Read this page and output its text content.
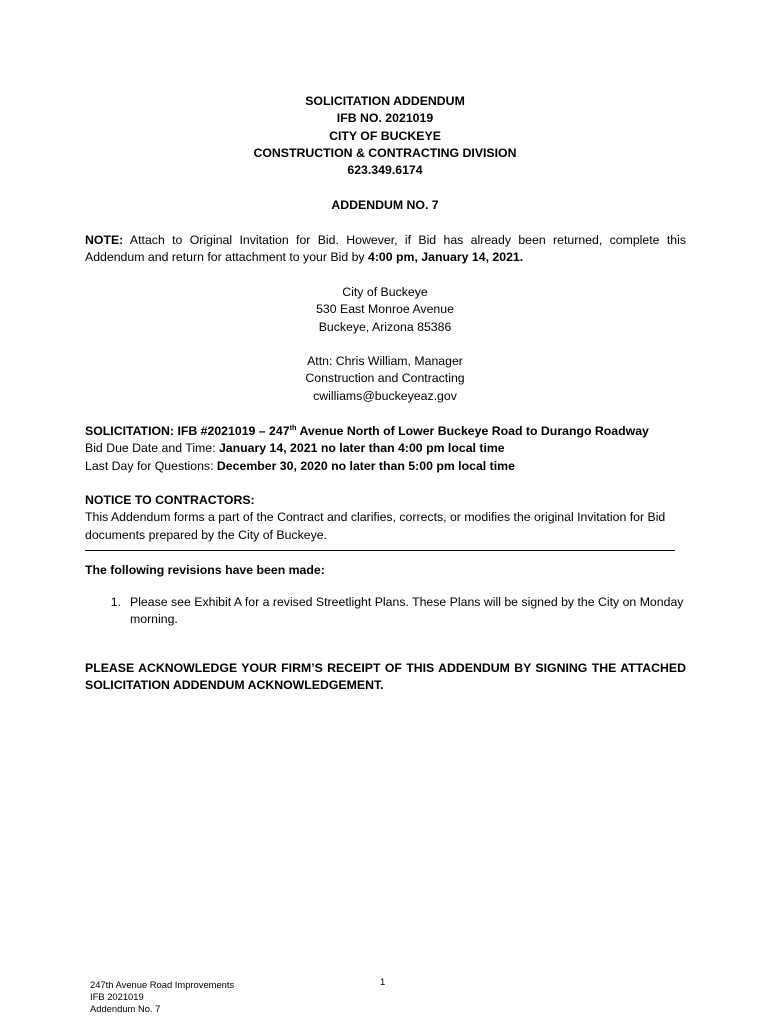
SOLICITATION ADDENDUM
IFB NO. 2021019
CITY OF BUCKEYE
CONSTRUCTION & CONTRACTING DIVISION
623.349.6174
ADDENDUM NO. 7
NOTE: Attach to Original Invitation for Bid. However, if Bid has already been returned, complete this Addendum and return for attachment to your Bid by 4:00 pm, January 14, 2021.
City of Buckeye
530 East Monroe Avenue
Buckeye, Arizona 85386
Attn: Chris William, Manager
Construction and Contracting
cwilliams@buckeyeaz.gov
SOLICITATION: IFB #2021019 – 247th Avenue North of Lower Buckeye Road to Durango Roadway
Bid Due Date and Time: January 14, 2021 no later than 4:00 pm local time
Last Day for Questions: December 30, 2020 no later than 5:00 pm local time
NOTICE TO CONTRACTORS:
This Addendum forms a part of the Contract and clarifies, corrects, or modifies the original Invitation for Bid documents prepared by the City of Buckeye.
The following revisions have been made:
1. Please see Exhibit A for a revised Streetlight Plans. These Plans will be signed by the City on Monday morning.
PLEASE ACKNOWLEDGE YOUR FIRM’S RECEIPT OF THIS ADDENDUM BY SIGNING THE ATTACHED
SOLICITATION ADDENDUM ACKNOWLEDGEMENT.
1
247th Avenue Road Improvements
IFB 2021019
Addendum No. 7
